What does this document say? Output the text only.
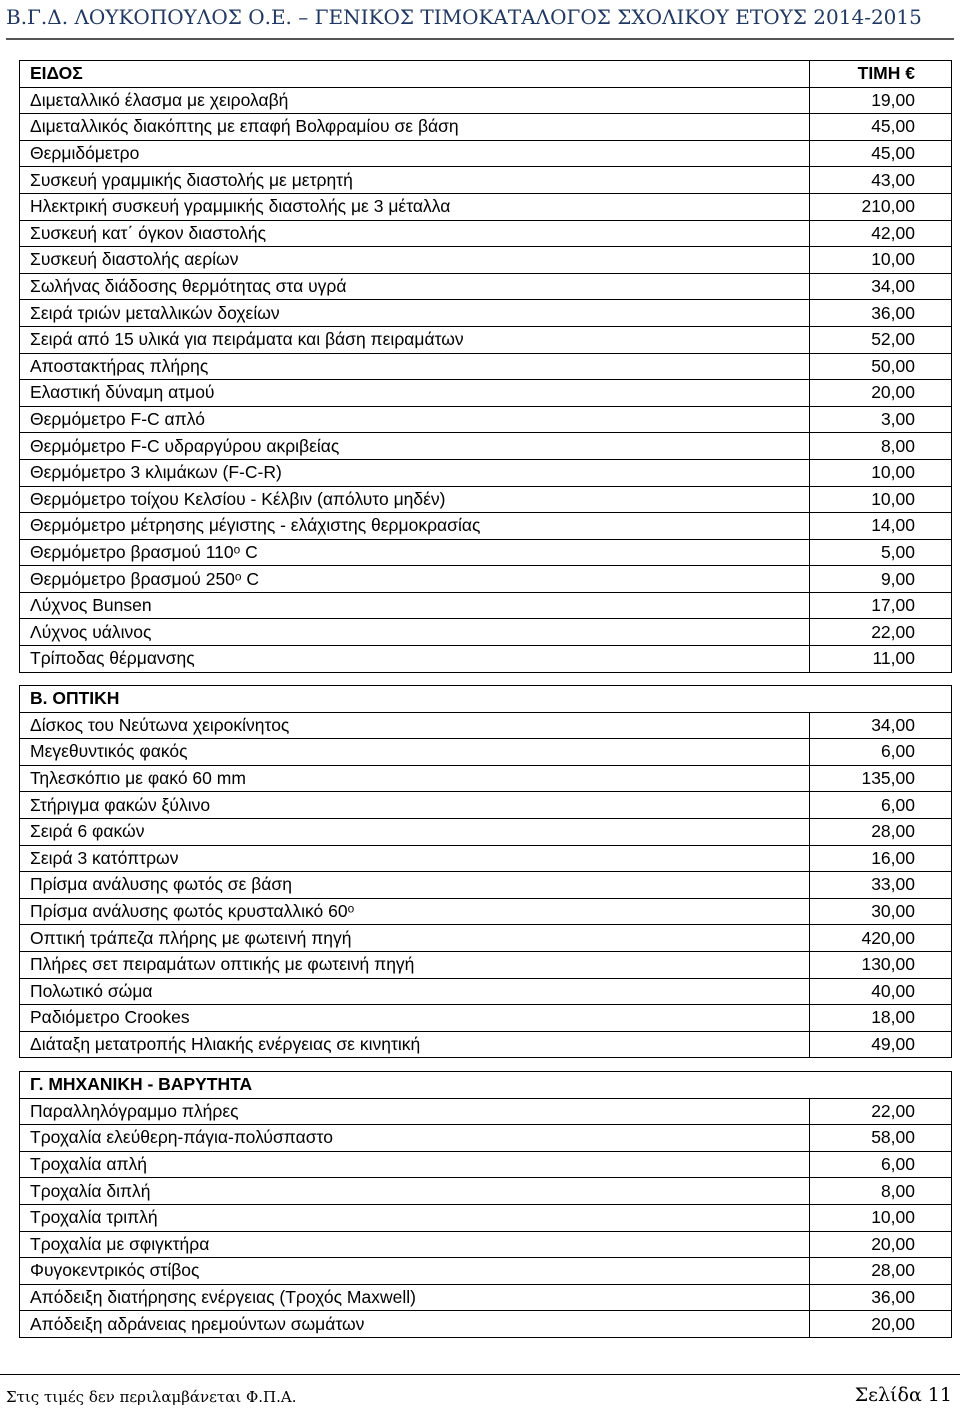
Β.Γ.Δ. ΛΟΥΚΟΠΟΥΛΟΣ Ο.Ε. – ΓΕΝΙΚΟΣ ΤΙΜΟΚΑΤΑΛΟΓΟΣ ΣΧΟΛΙΚΟΥ ΕΤΟΥΣ 2014-2015
ΕΙΔΟΣ	ΤΙΜΗ €
Διμεταλλικό έλασμα με χειρολαβή	19,00
Διμεταλλικός διακόπτης με επαφή Βολφραμίου σε βάση	45,00
Θερμιδόμετρο	45,00
Συσκευή γραμμικής διαστολής με μετρητή	43,00
Ηλεκτρική συσκευή γραμμικής διαστολής με 3 μέταλλα	210,00
Συσκευή κατ΄ όγκον διαστολής	42,00
Συσκευή διαστολής αερίων	10,00
Σωλήνας διάδοσης θερμότητας στα υγρά	34,00
Σειρά τριών μεταλλικών δοχείων	36,00
Σειρά από 15 υλικά για πειράματα και βάση πειραμάτων	52,00
Αποστακτήρας πλήρης	50,00
Ελαστική δύναμη ατμού	20,00
Θερμόμετρο F-C απλό	3,00
Θερμόμετρο F-C υδραργύρου ακριβείας	8,00
Θερμόμετρο 3 κλιμάκων (F-C-R)	10,00
Θερμόμετρο τοίχου Κελσίου - Κέλβιν (απόλυτο μηδέν)	10,00
Θερμόμετρο μέτρησης μέγιστης - ελάχιστης θερμοκρασίας	14,00
Θερμόμετρο βρασμού 110ᵒ C	5,00
Θερμόμετρο βρασμού 250ᵒ C	9,00
Λύχνος Bunsen	17,00
Λύχνος υάλινος	22,00
Τρίποδας θέρμανσης	11,00
Β. ΟΠΤΙΚΗ	
Δίσκος του Νεύτωνα χειροκίνητος	34,00
Μεγεθυντικός φακός	6,00
Τηλεσκόπιο με φακό 60 mm	135,00
Στήριγμα φακών ξύλινο	6,00
Σειρά 6 φακών	28,00
Σειρά 3 κατόπτρων	16,00
Πρίσμα ανάλυσης φωτός σε βάση	33,00
Πρίσμα ανάλυσης φωτός κρυσταλλικό 60ᵒ	30,00
Οπτική τράπεζα πλήρης με φωτεινή πηγή	420,00
Πλήρες σετ πειραμάτων οπτικής με φωτεινή πηγή	130,00
Πολωτικό σώμα	40,00
Ραδιόμετρο Crookes	18,00
Διάταξη μετατροπής Ηλιακής ενέργειας σε κινητική	49,00
Γ. ΜΗΧΑΝΙΚΗ - ΒΑΡΥΤΗΤΑ	
Παραλληλόγραμμο πλήρες	22,00
Τροχαλία ελεύθερη-πάγια-πολύσπαστο	58,00
Τροχαλία απλή	6,00
Τροχαλία διπλή	8,00
Τροχαλία τριπλή	10,00
Τροχαλία με σφιγκτήρα	20,00
Φυγοκεντρικός στίβος	28,00
Απόδειξη διατήρησης ενέργειας (Τροχός Maxwell)	36,00
Απόδειξη αδράνειας ηρεμούντων σωμάτων	20,00
Στις τιμές δεν περιλαμβάνεται Φ.Π.Α.	Σελίδα 11
